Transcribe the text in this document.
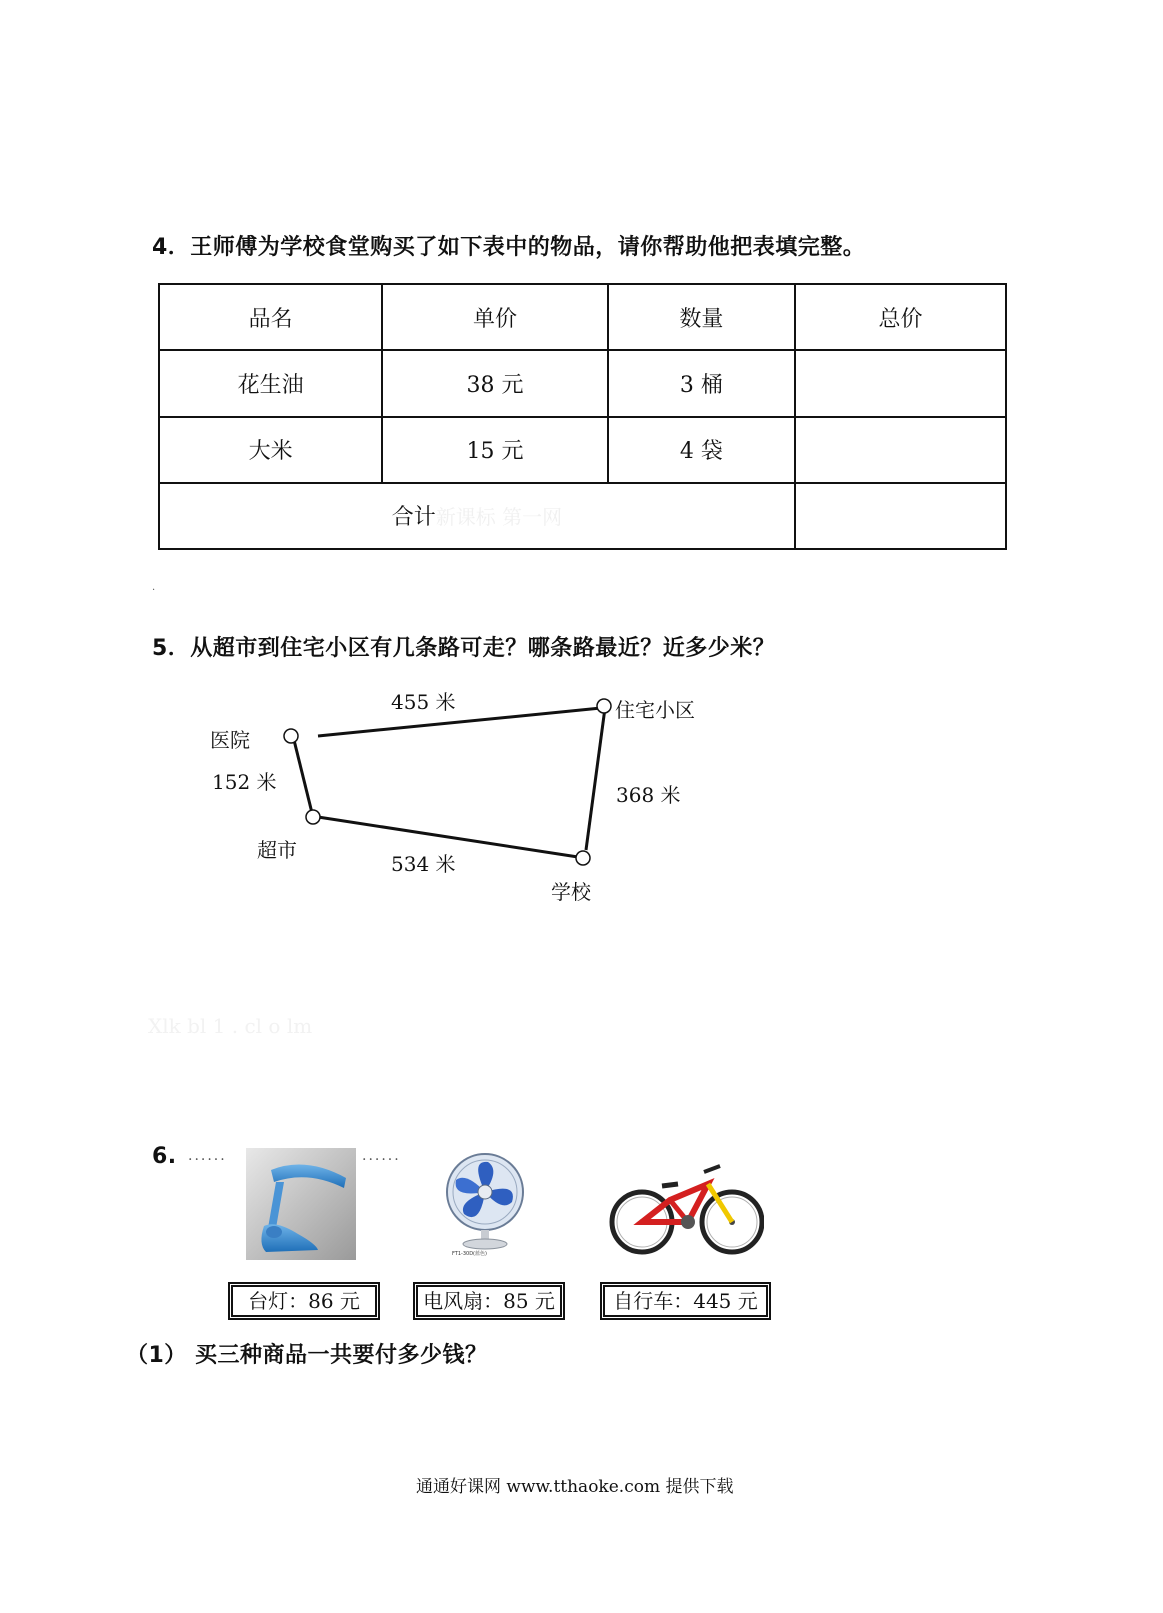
4．王师傅为学校食堂购买了如下表中的物品，请你帮助他把表填完整。
品名	单价	数量	总价
花生油	38 元	3 桶	
大米	15 元	4 袋	
合计新课标 第一网			
.
5．从超市到住宅小区有几条路可走？哪条路最近？近多少米？
医院
住宅小区
超市
学校
455 米
152 米
368 米
534 米
Xlk bl 1 . cl o lm
6. ......	......
FT1-30D(蓝色)
台灯：86 元	电风扇：85 元	自行车：445 元
（1） 买三种商品一共要付多少钱？
通通好课网 www.tthaoke.com 提供下载
